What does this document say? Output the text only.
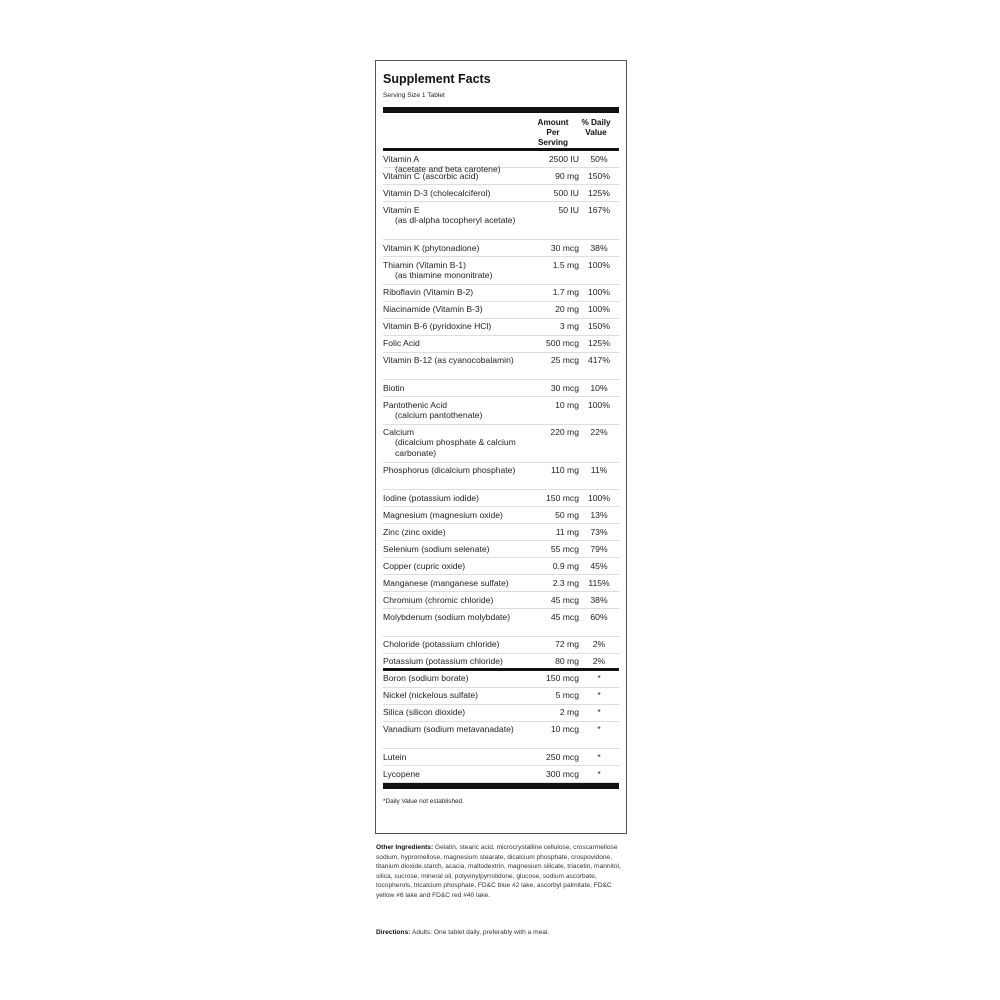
Supplement Facts
Serving Size 1 Tablet
Amount
Per
Serving
% Daily
Value
Vitamin A
(acetate and beta carotene)
2500 IU	50%
Vitamin C (ascorbic acid)	90 mg	150%
Vitamin D-3 (cholecalciferol)	500 IU	125%
Vitamin E
(as dl-alpha tocopheryl acetate)
50 IU	167%
Vitamin K (phytonadione)	30 mcg	38%
Thiamin (Vitamin B-1)
(as thiamine mononitrate)
1.5 mg	100%
Riboflavin (Vitamin B-2)	1.7 mg	100%
Niacinamide (Vitamin B-3)	20 mg	100%
Vitamin B-6 (pyridoxine HCl)	3 mg	150%
Folic Acid	500 mcg	125%
Vitamin B-12 (as cyanocobalamin)	25 mcg	417%
Biotin	30 mcg	10%
Pantothenic Acid
(calcium pantothenate)
10 mg	100%
Calcium
(dicalcium phosphate & calcium carbonate)
220 mg	22%
Phosphorus (dicalcium phosphate)	110 mg	11%
Iodine (potassium iodide)	150 mcg	100%
Magnesium (magnesium oxide)	50 mg	13%
Zinc (zinc oxide)	11 mg	73%
Selenium (sodium selenate)	55 mcg	79%
Copper (cupric oxide)	0.9 mg	45%
Manganese (manganese sulfate)	2.3 mg	115%
Chromium (chromic chloride)	45 mcg	38%
Molybdenum (sodium molybdate)	45 mcg	60%
Choloride (potassium chloride)	72 mg	2%
Potassium (potassium chloride)	80 mg	2%
Boron (sodium borate)	150 mcg	*
Nickel (nickelous sulfate)	5 mcg	*
Silica (silicon dioxide)	2 mg	*
Vanadium (sodium metavanadate)	10 mcg	*
Lutein	250 mcg	*
Lycopene	300 mcg	*
*Daily Value not established.
Other Ingredients: Gelatin, stearic acid, microcrystalline cellulose, croscarmellose sodium, hypromellose, magnesium stearate, dicalcium phosphate, crospovidone, titanium dioxide,starch, acacia, maltodextrin, magnesium silicate, triacetin, mannitol, silica, sucrose, mineral oil, polyvinylpyrrolidone, glucose, sodium ascorbate, tocopherols, tricalcium phosphate, FD&C blue #2 lake, ascorbyl palmitate, FD&C yellow #6 lake and FD&C red #40 lake.
Directions: Adults: One tablet daily, preferably with a meal.
